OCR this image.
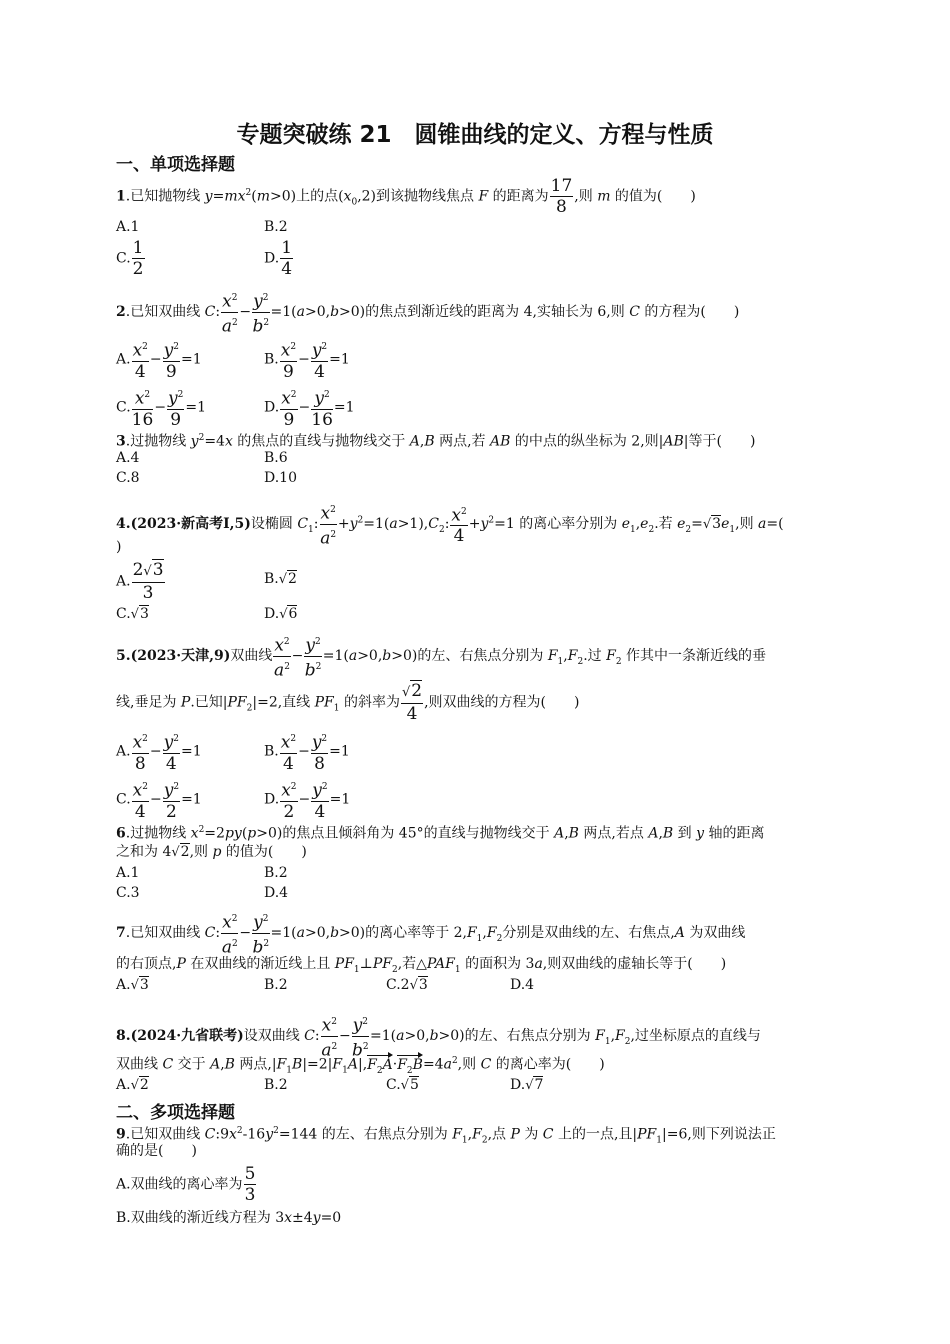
专题突破练 21　圆锥曲线的定义、方程与性质
一、单项选择题
1.已知抛物线 $y=mx^2(m>0)$上的点$(x_0,2)$到该抛物线焦点 F 的距离为 $\frac{17}{8}$ ,则 m 的值为(　　)
A.1	B.2
C. $\frac{1}{2}$	D. $\frac{1}{4}$
2.已知双曲线 C: $\frac{x^2}{a^2} - \frac{y^2}{b^2} =1(a>0,b>0)$的焦点到渐近线的距离为 4,实轴长为 6,则 C 的方程为(　　)
A. $\frac{x^2}{4} - \frac{y^2}{9} =1$	B. $\frac{x^2}{9} - \frac{y^2}{4} =1$
C. $\frac{x^2}{16} - \frac{y^2}{9} =1$	D. $\frac{x^2}{9} - \frac{y^2}{16} =1$
3.过抛物线 $y^2=4x$ 的焦点的直线与抛物线交于 A,B 两点,若 AB 的中点的纵坐标为 2,则|AB|等于(　　)
A.4	B.6
C.8	D.10
4.(2023·新高考Ⅰ,5)设椭圆 $C_1$: $\frac{x^2}{a^2} +y^2=1(a>1),C_2$: $\frac{x^2}{4} +y^2=1$ 的离心率分别为 $e_1,e_2$.若 $e_2=√3e_1$,则 a=(
)
A. $\frac{2√3}{3}$	B.√2
C.√3	D.√6
5.(2023·天津,9)双曲线 $\frac{x^2}{a^2} - \frac{y^2}{b^2} =1(a>0,b>0)$的左、右焦点分别为 $F_1,F_2$.过 $F_2$ 作其中一条渐近线的垂
线,垂足为 P.已知$|PF_2|=2$,直线 $PF_1$ 的斜率为 $\frac{√2}{4}$ ,则双曲线的方程为(　　)
A. $\frac{x^2}{8} - \frac{y^2}{4} =1$	B. $\frac{x^2}{4} - \frac{y^2}{8} =1$
C. $\frac{x^2}{4} - \frac{y^2}{2} =1$	D. $\frac{x^2}{2} - \frac{y^2}{4} =1$
6.过抛物线 $x^2=2py(p>0)$的焦点且倾斜角为 45°的直线与抛物线交于 A,B 两点,若点 A,B 到 y 轴的距离
之和为 4√2,则 p 的值为(　　)
A.1	B.2
C.3	D.4
7.已知双曲线 C: $\frac{x^2}{a^2} - \frac{y^2}{b^2} =1(a>0,b>0)$的离心率等于 $2,F_1,F_2$分别是双曲线的左、右焦点,A 为双曲线
的右顶点,P 在双曲线的渐近线上且 $PF_1\perp PF_2$,若$\triangle PAF_1$ 的面积为 3a,则双曲线的虚轴长等于(　　)
A.√3	B.2	C.2√3	D.4
8.(2024·九省联考)设双曲线 C: $\frac{x^2}{a^2} - \frac{y^2}{b^2} =1(a>0,b>0)$的左、右焦点分别为 $F_1,F_2$,过坐标原点的直线与
双曲线 C 交于 A,B 两点$,|F_1B|=2|F_1A|,F_2A\cdot F_2B=4a^2$,则 C 的离心率为(　　)
A.√2	B.2	C.√5	D.√7
二、多项选择题
9.已知双曲线 $C:9x^2-16y^2=144$ 的左、右焦点分别为 $F_1,F_2$,点 P 为 C 上的一点,且$|PF_1|=6$,则下列说法正
确的是(　　)
A.双曲线的离心率为 $\frac{5}{3}$
B.双曲线的渐近线方程为 3x±4y=0
